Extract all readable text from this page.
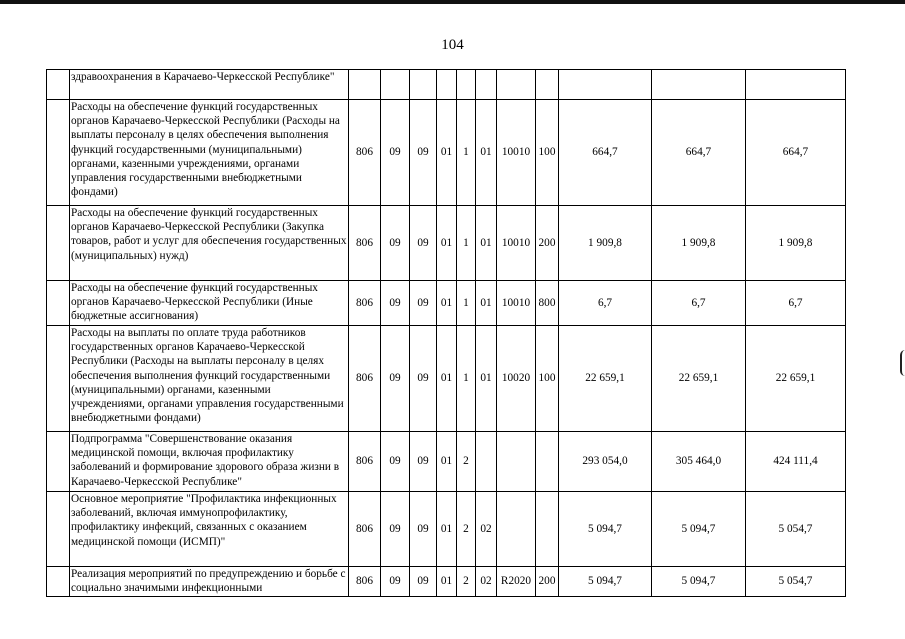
104
	здравоохранения в Карачаево-Черкесской Республике"											
	Расходы на обеспечение функций государственных органов Карачаево-Черкесской Республики (Расходы на выплаты персоналу в целях обеспечения выполнения функций государственными (муниципальными) органами, казенными учреждениями, органами управления государственными внебюджетными фондами)	806	09	09	01	1	01	10010	100	664,7	664,7	664,7
	Расходы на обеспечение функций государственных органов Карачаево-Черкесской Республики (Закупка товаров, работ и услуг для обеспечения государственных (муниципальных) нужд)	806	09	09	01	1	01	10010	200	1 909,8	1 909,8	1 909,8
	Расходы на обеспечение функций государственных органов Карачаево-Черкесской Республики (Иные бюджетные ассигнования)	806	09	09	01	1	01	10010	800	6,7	6,7	6,7
	Расходы на выплаты по оплате труда работников государственных органов Карачаево-Черкесской Республики (Расходы на выплаты персоналу в целях обеспечения выполнения функций государственными (муниципальными) органами, казенными учреждениями, органами управления государственными внебюджетными фондами)	806	09	09	01	1	01	10020	100	22 659,1	22 659,1	22 659,1
	Подпрограмма "Совершенствование оказания медицинской помощи, включая профилактику заболеваний и формирование здорового образа жизни в Карачаево-Черкесской Республике"	806	09	09	01	2				293 054,0	305 464,0	424 111,4
	Основное мероприятие "Профилактика инфекционных заболеваний, включая иммунопрофилактику, профилактику инфекций, связанных с оказанием медицинской помощи (ИСМП)"	806	09	09	01	2	02			5 094,7	5 094,7	5 054,7
	Реализация мероприятий по предупреждению и борьбе с социально значимыми инфекционными	806	09	09	01	2	02	R2020	200	5 094,7	5 094,7	5 054,7
